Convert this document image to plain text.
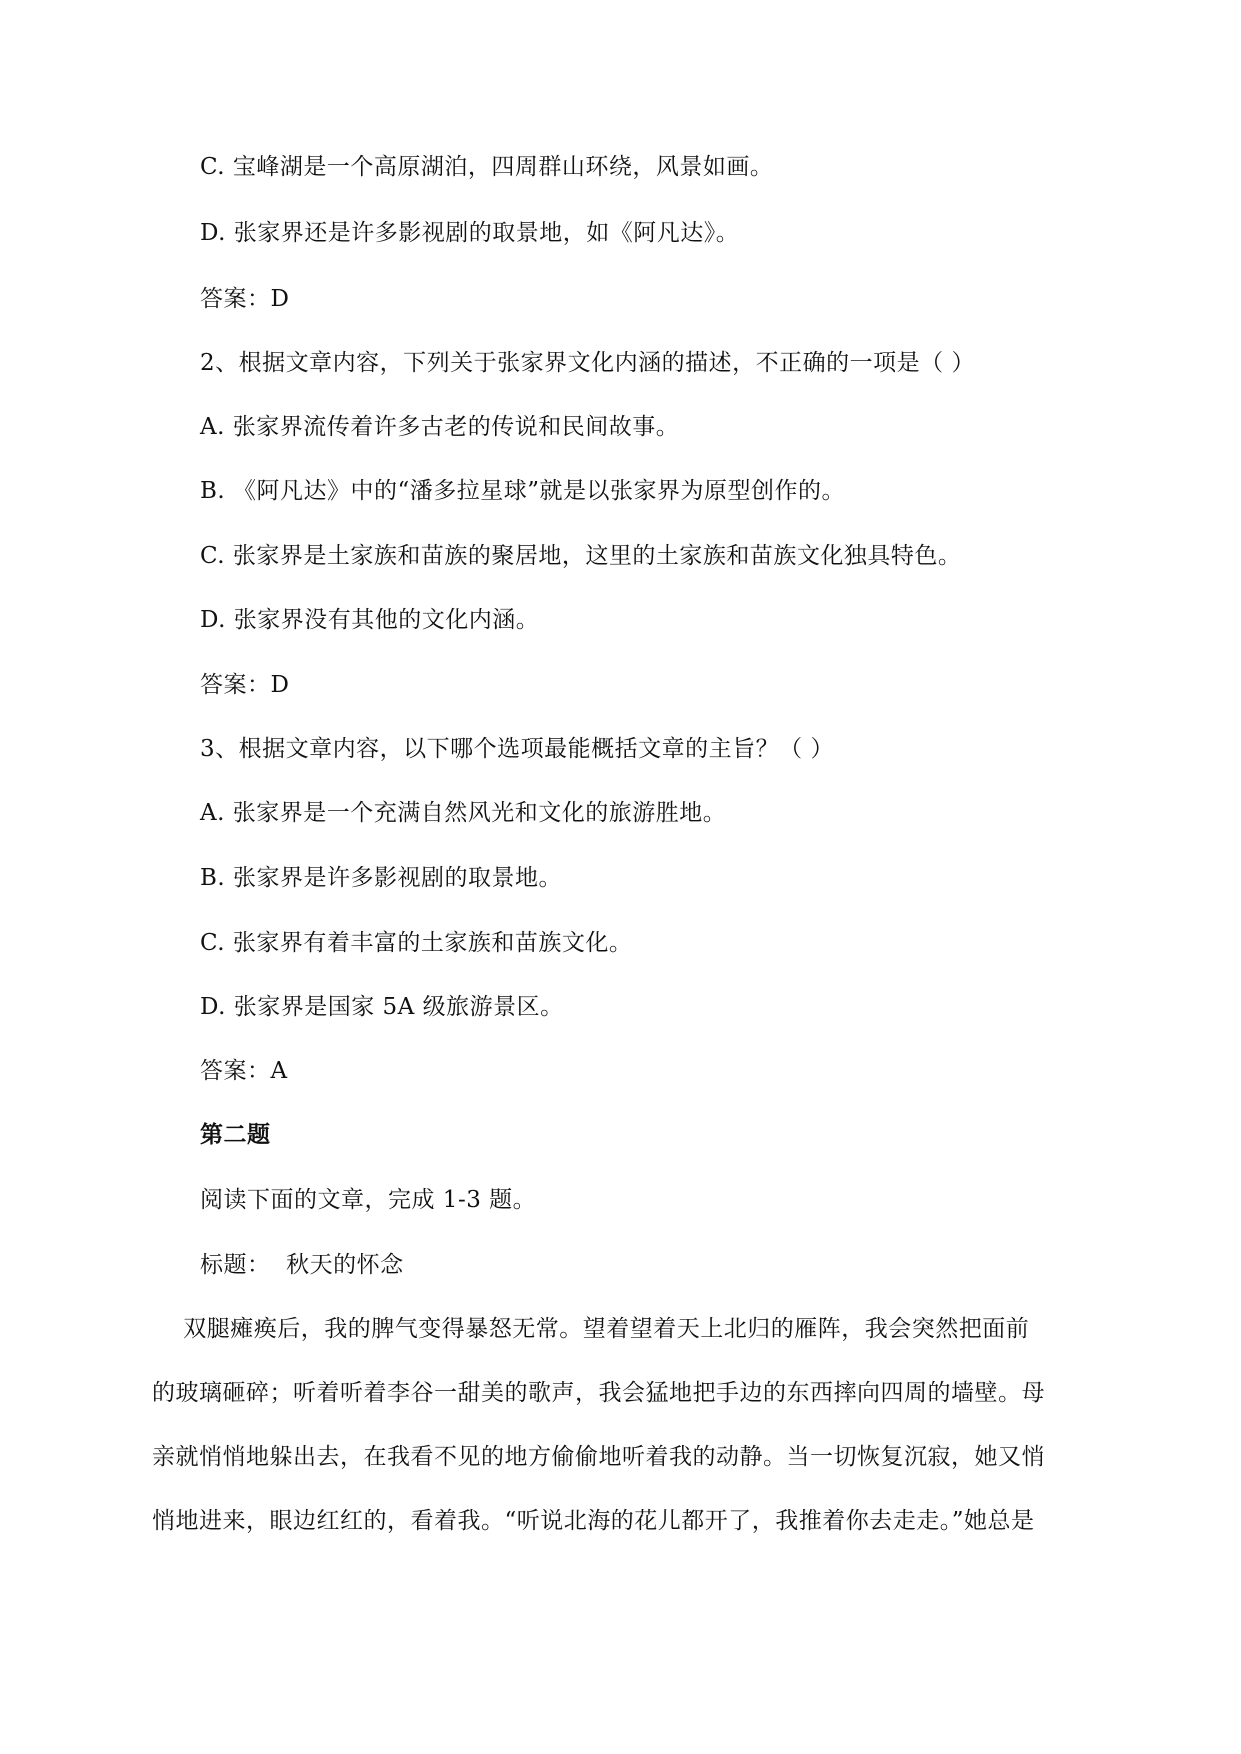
C. 宝峰湖是一个高原湖泊，四周群山环绕，风景如画。
D. 张家界还是许多影视剧的取景地，如《阿凡达》。
答案：D
2、根据文章内容，下列关于张家界文化内涵的描述，不正确的一项是（ ）
A. 张家界流传着许多古老的传说和民间故事。
B. 《阿凡达》中的“潘多拉星球”就是以张家界为原型创作的。
C. 张家界是土家族和苗族的聚居地，这里的土家族和苗族文化独具特色。
D. 张家界没有其他的文化内涵。
答案：D
3、根据文章内容，以下哪个选项最能概括文章的主旨？（ ）
A. 张家界是一个充满自然风光和文化的旅游胜地。
B. 张家界是许多影视剧的取景地。
C. 张家界有着丰富的土家族和苗族文化。
D. 张家界是国家 5A 级旅游景区。
答案：A
第二题
阅读下面的文章，完成 1-3 题。
标题：  秋天的怀念
双腿瘫痪后，我的脾气变得暴怒无常。望着望着天上北归的雁阵，我会突然把面前
的玻璃砸碎；听着听着李谷一甜美的歌声，我会猛地把手边的东西摔向四周的墙壁。母
亲就悄悄地躲出去，在我看不见的地方偷偷地听着我的动静。当一切恢复沉寂，她又悄
悄地进来，眼边红红的，看着我。“听说北海的花儿都开了，我推着你去走走。”她总是
